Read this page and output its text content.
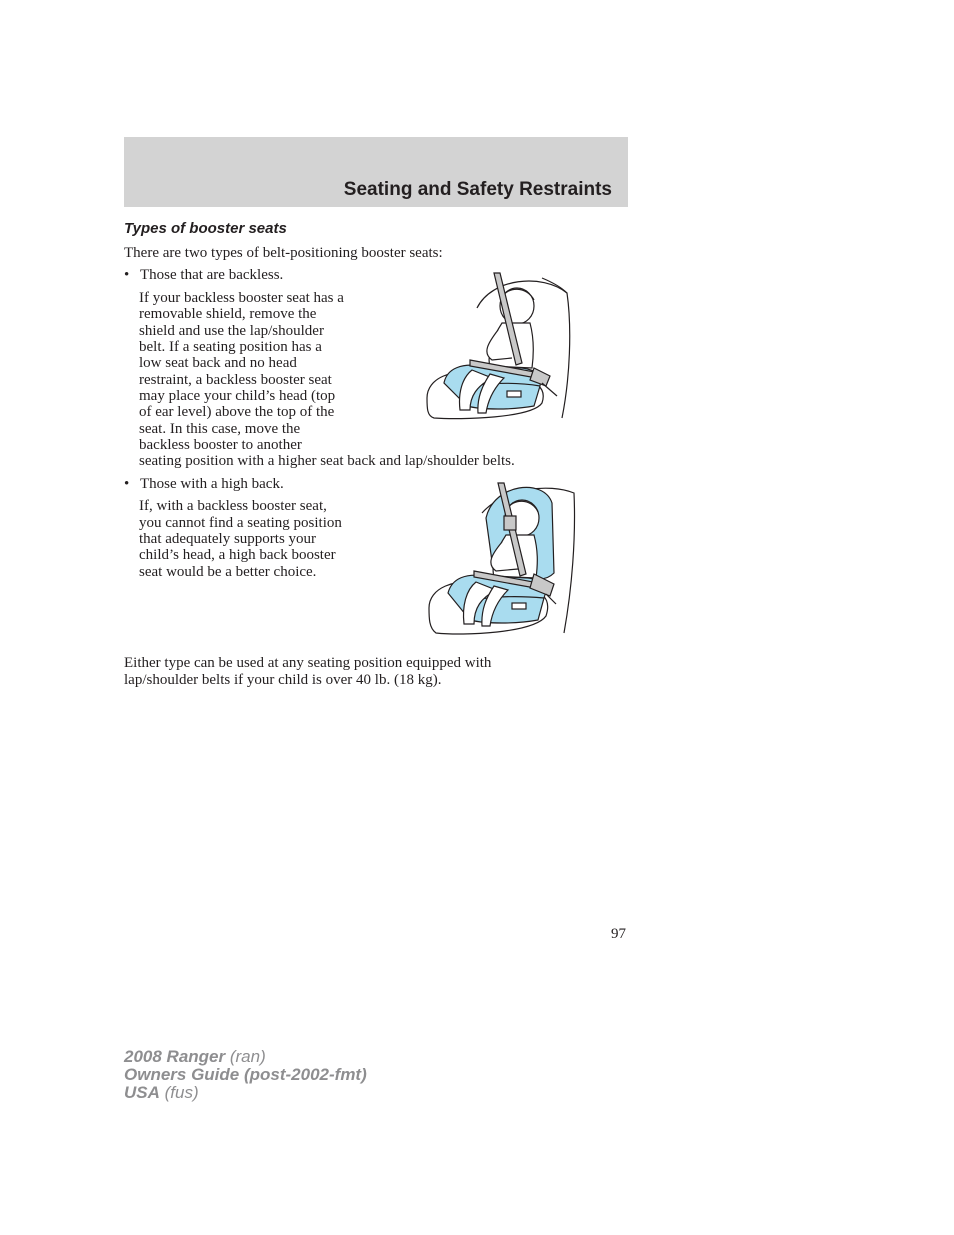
Seating and Safety Restraints
Types of booster seats
There are two types of belt-positioning booster seats:
• Those that are backless.
If your backless booster seat has a
removable shield, remove the
shield and use the lap/shoulder
belt. If a seating position has a
low seat back and no head
restraint, a backless booster seat
may place your child’s head (top
of ear level) above the top of the
seat. In this case, move the
backless booster to another
seating position with a higher seat back and lap/shoulder belts.
• Those with a high back.
If, with a backless booster seat,
you cannot find a seating position
that adequately supports your
child’s head, a high back booster
seat would be a better choice.
Either type can be used at any seating position equipped with
lap/shoulder belts if your child is over 40 lb. (18 kg).
97
2008 Ranger (ran)
Owners Guide (post-2002-fmt)
USA (fus)
